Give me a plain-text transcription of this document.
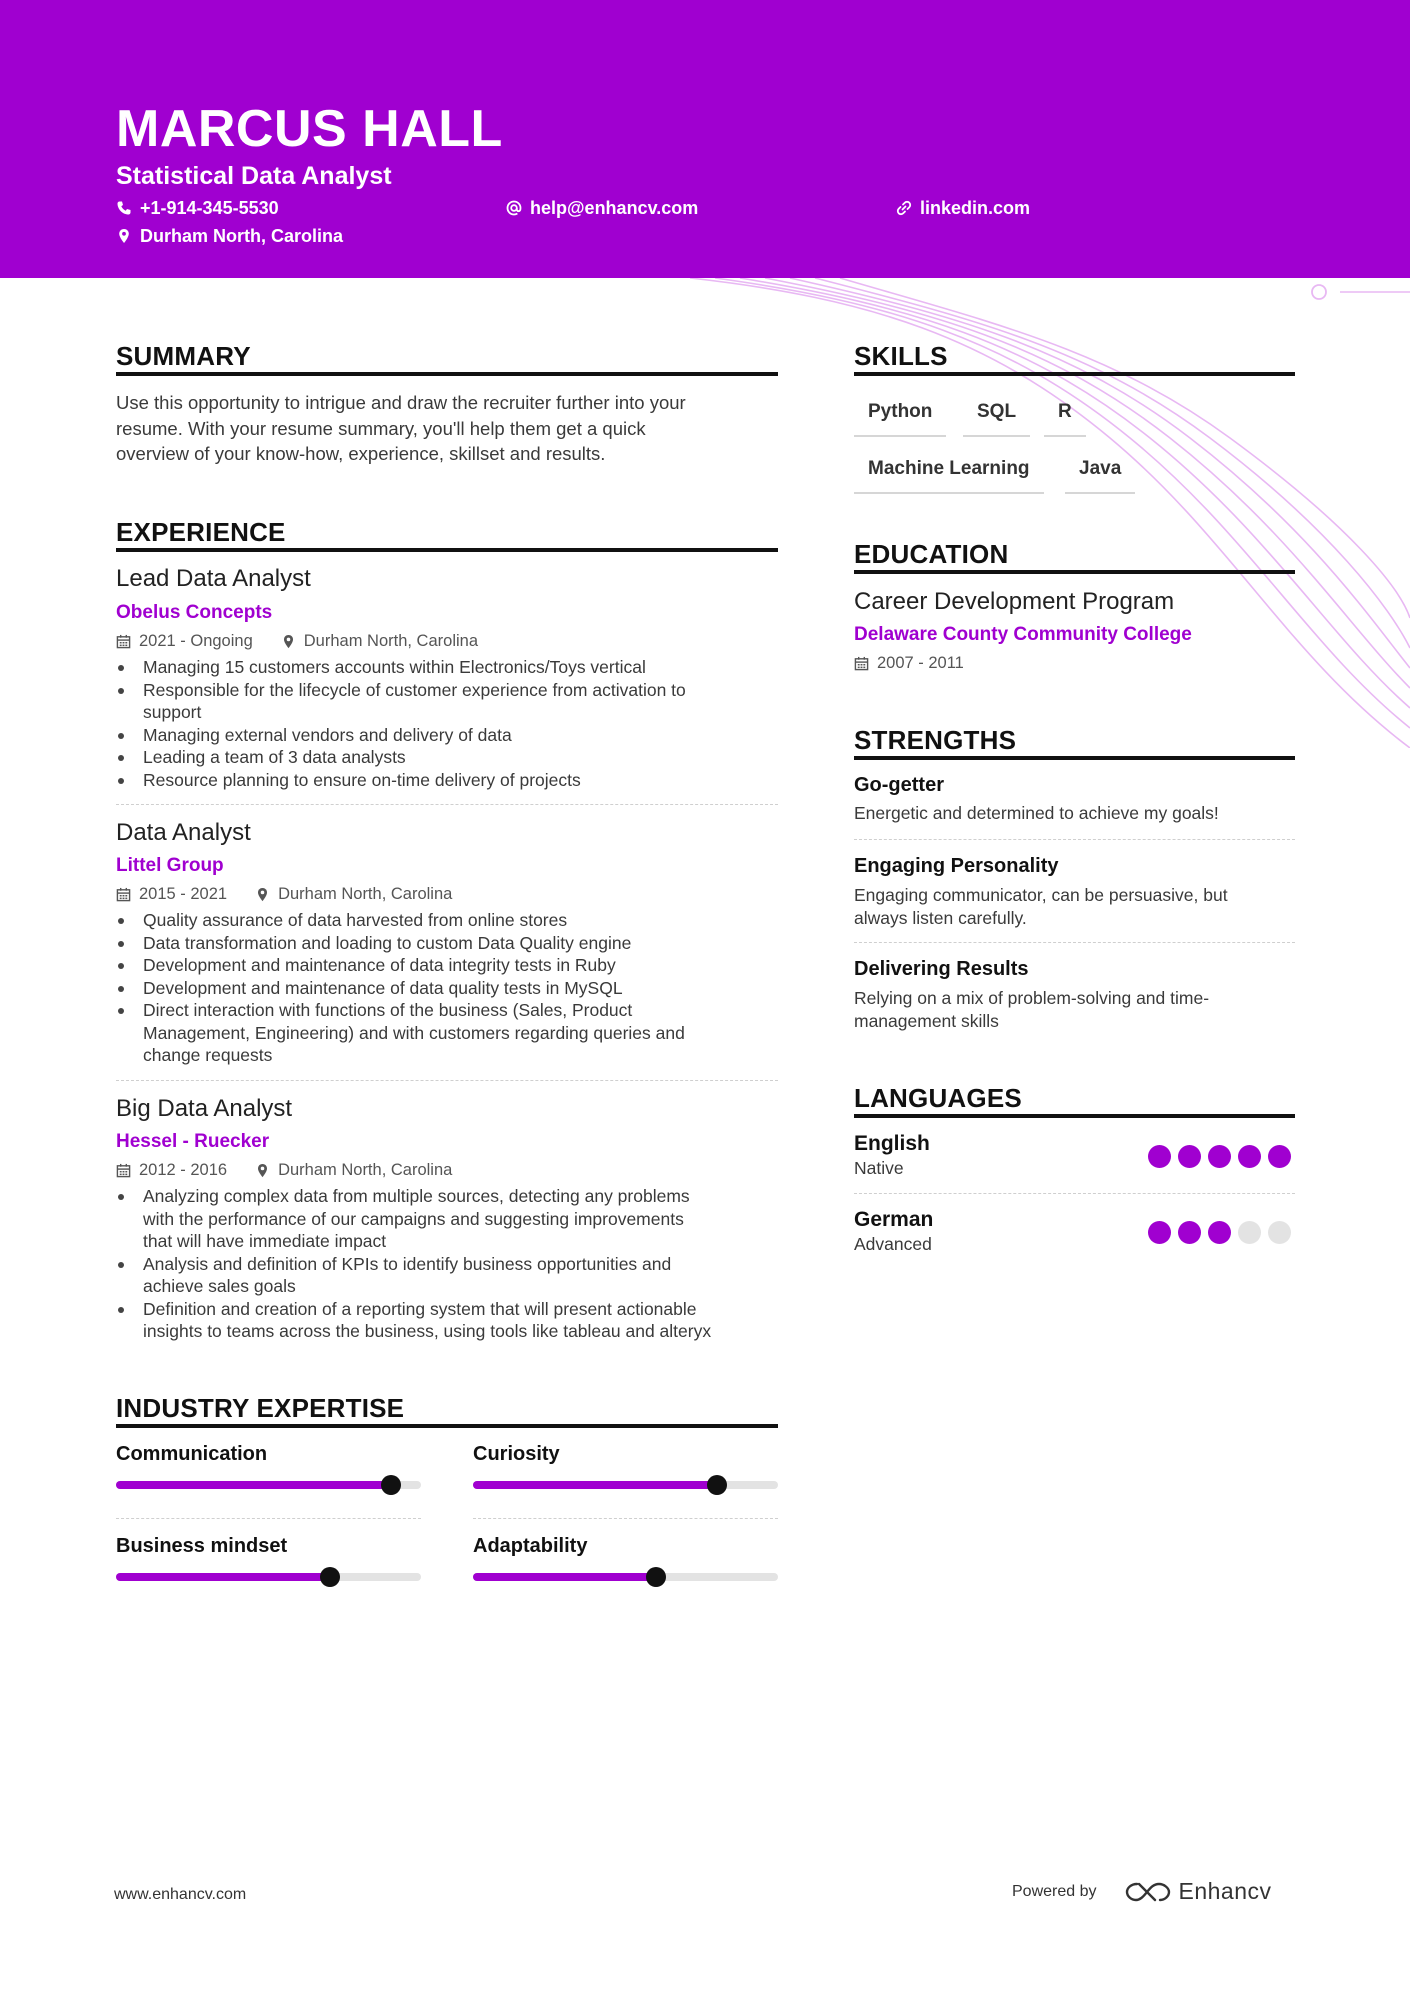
MARCUS HALL
Statistical Data Analyst
+1-914-345-5530	help@enhancv.com	linkedin.com
Durham North, Carolina
SUMMARY
Use this opportunity to intrigue and draw the recruiter further into your
resume. With your resume summary, you'll help them get a quick
overview of your know-how, experience, skillset and results.
EXPERIENCE
Lead Data Analyst
Obelus Concepts
2021 - Ongoing	Durham North, Carolina
Managing 15 customers accounts within Electronics/Toys vertical
Responsible for the lifecycle of customer experience from activation to
support
Managing external vendors and delivery of data
Leading a team of 3 data analysts
Resource planning to ensure on-time delivery of projects
Data Analyst
Littel Group
2015 - 2021	Durham North, Carolina
Quality assurance of data harvested from online stores
Data transformation and loading to custom Data Quality engine
Development and maintenance of data integrity tests in Ruby
Development and maintenance of data quality tests in MySQL
Direct interaction with functions of the business (Sales, Product
Management, Engineering) and with customers regarding queries and
change requests
Big Data Analyst
Hessel - Ruecker
2012 - 2016	Durham North, Carolina
Analyzing complex data from multiple sources, detecting any problems
with the performance of our campaigns and suggesting improvements
that will have immediate impact
Analysis and definition of KPIs to identify business opportunities and
achieve sales goals
Definition and creation of a reporting system that will present actionable
insights to teams across the business, using tools like tableau and alteryx
INDUSTRY EXPERTISE
Communication	Curiosity
Business mindset	Adaptability
SKILLS
Python	SQL	R
Machine Learning	Java
EDUCATION
Career Development Program
Delaware County Community College
2007 - 2011
STRENGTHS
Go-getter
Energetic and determined to achieve my goals!
Engaging Personality
Engaging communicator, can be persuasive, but
always listen carefully.
Delivering Results
Relying on a mix of problem-solving and time-
management skills
LANGUAGES
English
Native
German
Advanced
www.enhancv.com	Powered by	Enhancv
